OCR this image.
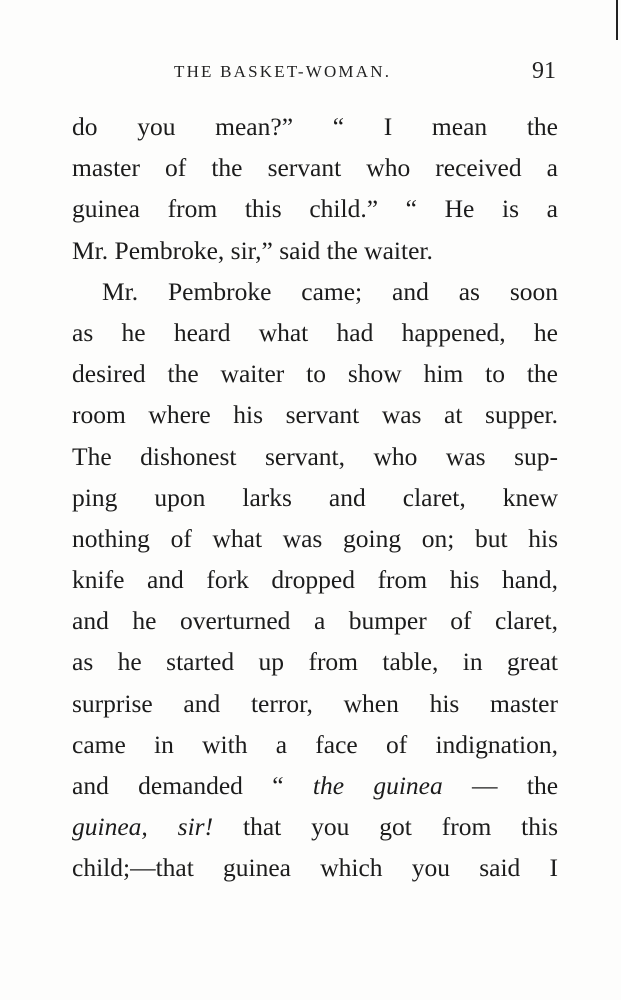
THE BASKET-WOMAN.	91
do you mean?” “ I mean the
master of the servant who received a
guinea from this child.” “ He is a
Mr. Pembroke, sir,” said the waiter.
Mr. Pembroke came; and as soon
as he heard what had happened, he
desired the waiter to show him to the
room where his servant was at supper.
The dishonest servant, who was sup-
ping upon larks and claret, knew
nothing of what was going on; but his
knife and fork dropped from his hand,
and he overturned a bumper of claret,
as he started up from table, in great
surprise and terror, when his master
came in with a face of indignation,
and demanded “ the guinea — the
guinea, sir! that you got from this
child;—that guinea which you said I
